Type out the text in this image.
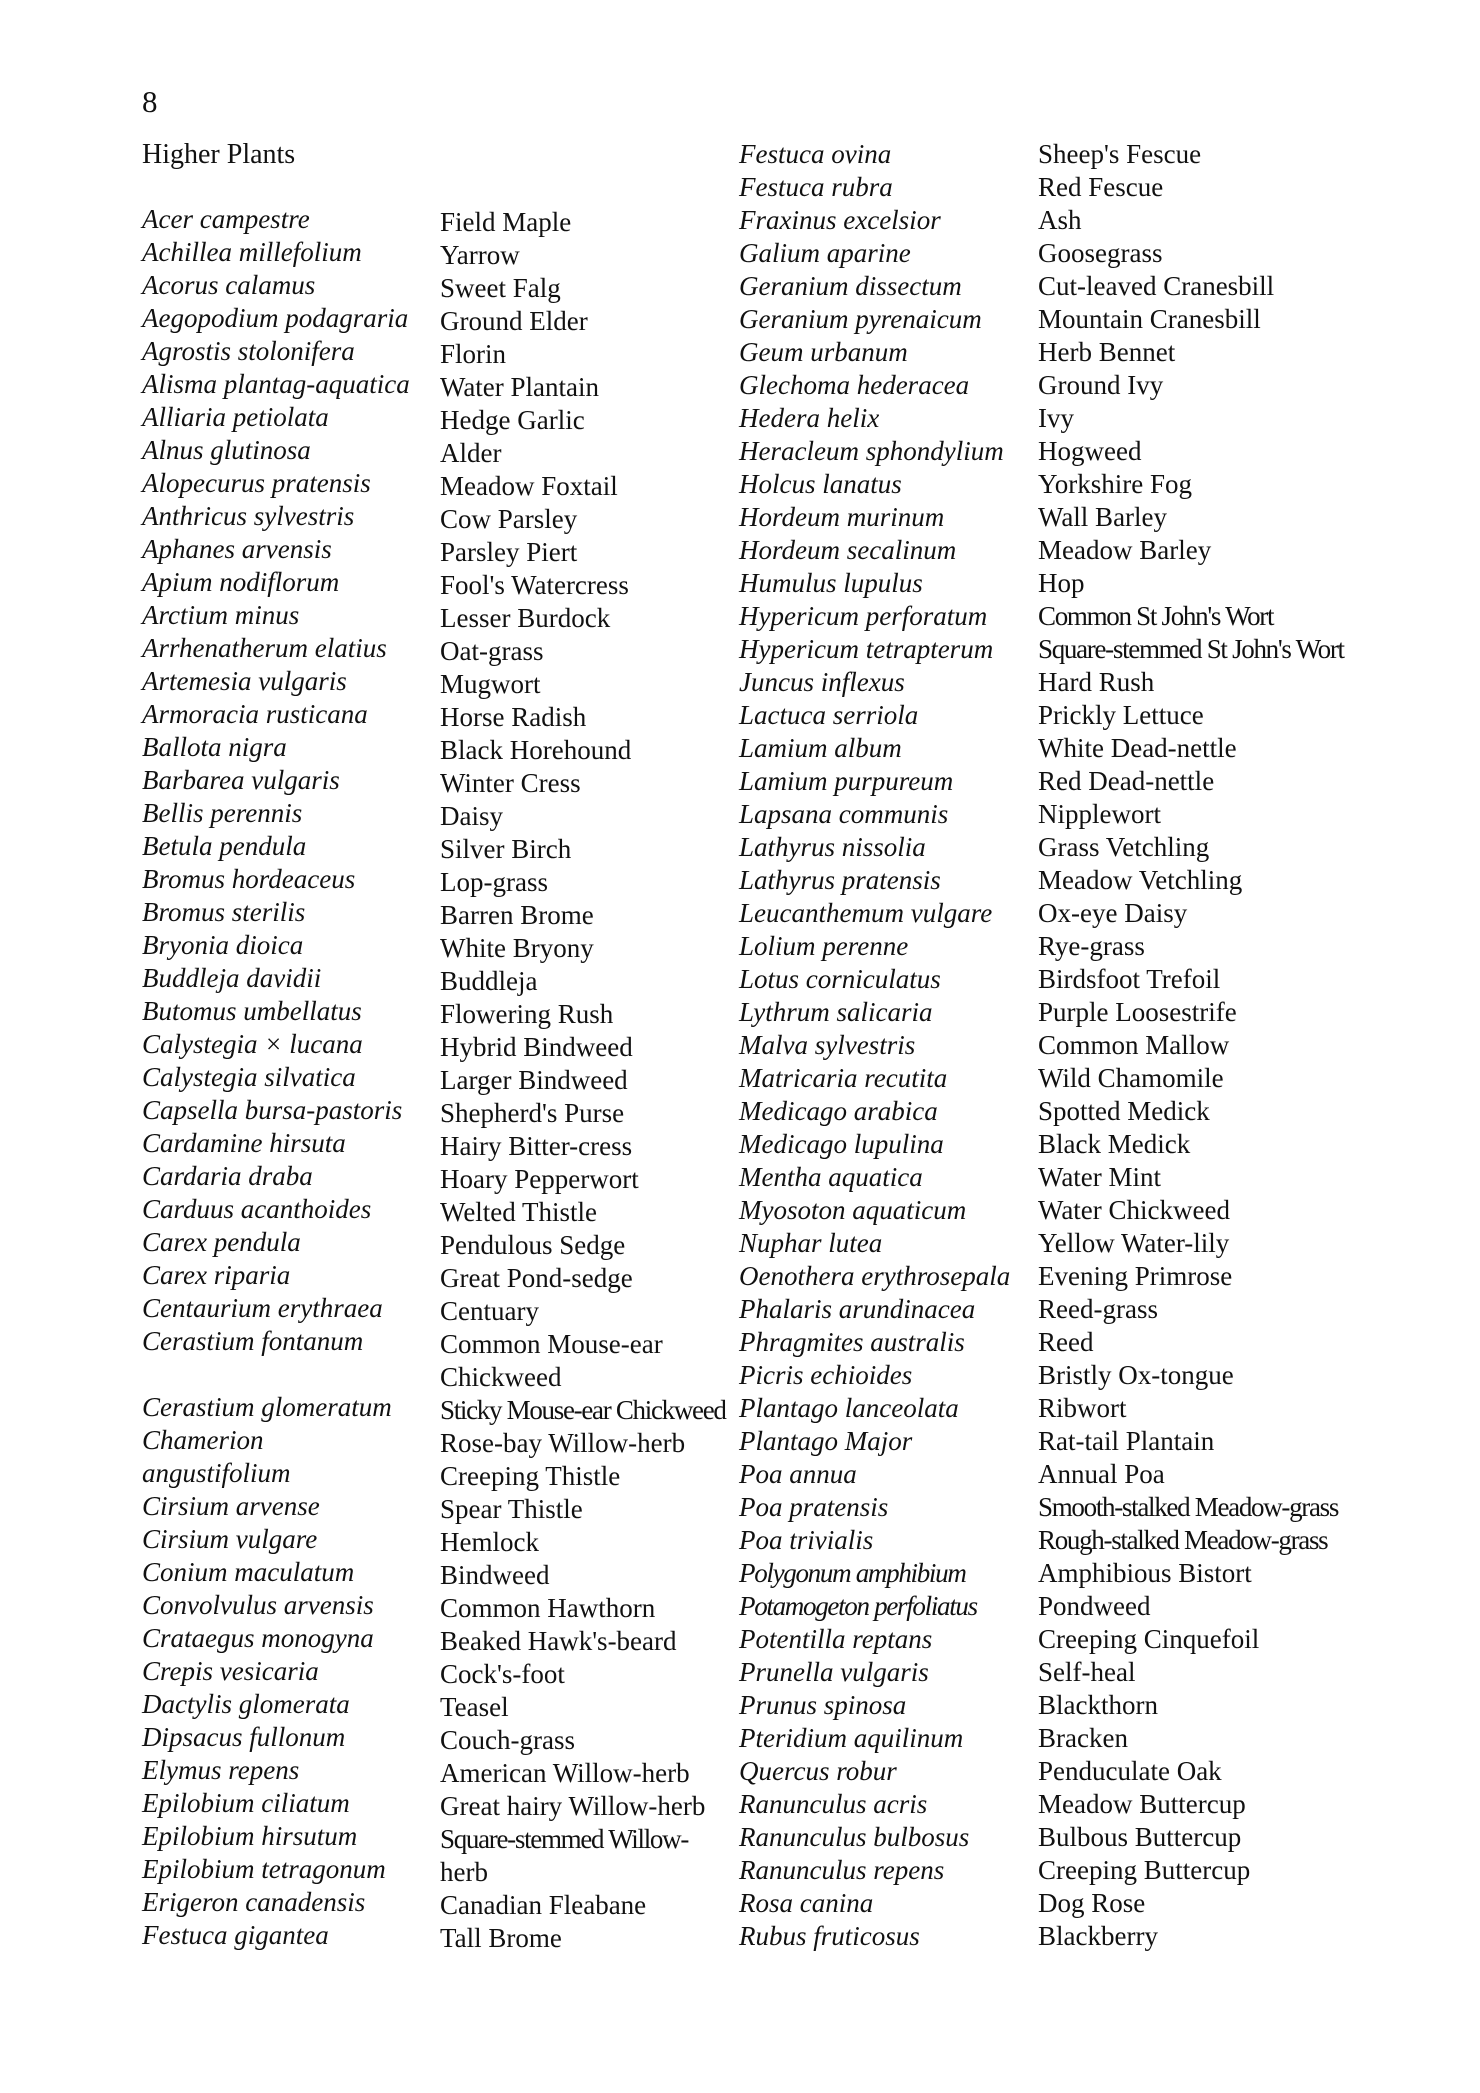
8
Higher Plants
Acer campestre
Achillea millefolium
Acorus calamus
Aegopodium podagraria
Agrostis stolonifera
Alisma plantag-aquatica
Alliaria petiolata
Alnus glutinosa
Alopecurus pratensis
Anthricus sylvestris
Aphanes arvensis
Apium nodiflorum
Arctium minus
Arrhenatherum elatius
Artemesia vulgaris
Armoracia rusticana
Ballota nigra
Barbarea vulgaris
Bellis perennis
Betula pendula
Bromus hordeaceus
Bromus sterilis
Bryonia dioica
Buddleja davidii
Butomus umbellatus
Calystegia × lucana
Calystegia silvatica
Capsella bursa-pastoris
Cardamine hirsuta
Cardaria draba
Carduus acanthoides
Carex pendula
Carex riparia
Centaurium erythraea
Cerastium fontanum

Cerastium glomeratum
Chamerion
angustifolium
Cirsium arvense
Cirsium vulgare
Conium maculatum
Convolvulus arvensis
Crataegus monogyna
Crepis vesicaria
Dactylis glomerata
Dipsacus fullonum
Elymus repens
Epilobium ciliatum
Epilobium hirsutum
Epilobium tetragonum
Erigeron canadensis
Festuca gigantea
Field Maple
Yarrow
Sweet Falg
Ground Elder
Florin
Water Plantain
Hedge Garlic
Alder
Meadow Foxtail
Cow Parsley
Parsley Piert
Fool's Watercress
Lesser Burdock
Oat-grass
Mugwort
Horse Radish
Black Horehound
Winter Cress
Daisy
Silver Birch
Lop-grass
Barren Brome
White Bryony
Buddleja
Flowering Rush
Hybrid Bindweed
Larger Bindweed
Shepherd's Purse
Hairy Bitter-cress
Hoary Pepperwort
Welted Thistle
Pendulous Sedge
Great Pond-sedge
Centuary
Common Mouse-ear
Chickweed
Sticky Mouse-ear Chickweed
Rose-bay Willow-herb
Creeping Thistle
Spear Thistle
Hemlock
Bindweed
Common Hawthorn
Beaked Hawk's-beard
Cock's-foot
Teasel
Couch-grass
American Willow-herb
Great hairy Willow-herb
Square-stemmed Willow-
herb
Canadian Fleabane
Tall Brome
Festuca ovina
Festuca rubra
Fraxinus excelsior
Galium aparine
Geranium dissectum
Geranium pyrenaicum
Geum urbanum
Glechoma hederacea
Hedera helix
Heracleum sphondylium
Holcus lanatus
Hordeum murinum
Hordeum secalinum
Humulus lupulus
Hypericum perforatum
Hypericum tetrapterum
Juncus inflexus
Lactuca serriola
Lamium album
Lamium purpureum
Lapsana communis
Lathyrus nissolia
Lathyrus pratensis
Leucanthemum vulgare
Lolium perenne
Lotus corniculatus
Lythrum salicaria
Malva sylvestris
Matricaria recutita
Medicago arabica
Medicago lupulina
Mentha aquatica
Myosoton aquaticum
Nuphar lutea
Oenothera erythrosepala
Phalaris arundinacea
Phragmites australis
Picris echioides
Plantago lanceolata
Plantago Major
Poa annua
Poa pratensis
Poa trivialis
Polygonum amphibium
Potamogeton perfoliatus
Potentilla reptans
Prunella vulgaris
Prunus spinosa
Pteridium aquilinum
Quercus robur
Ranunculus acris
Ranunculus bulbosus
Ranunculus repens
Rosa canina
Rubus fruticosus
Sheep's Fescue
Red Fescue
Ash
Goosegrass
Cut-leaved Cranesbill
Mountain Cranesbill
Herb Bennet
Ground Ivy
Ivy
Hogweed
Yorkshire Fog
Wall Barley
Meadow Barley
Hop
Common St John's Wort
Square-stemmed St John's Wort
Hard Rush
Prickly Lettuce
White Dead-nettle
Red Dead-nettle
Nipplewort
Grass Vetchling
Meadow Vetchling
Ox-eye Daisy
Rye-grass
Birdsfoot Trefoil
Purple Loosestrife
Common Mallow
Wild Chamomile
Spotted Medick
Black Medick
Water Mint
Water Chickweed
Yellow Water-lily
Evening Primrose
Reed-grass
Reed
Bristly Ox-tongue
Ribwort
Rat-tail Plantain
Annual Poa
Smooth-stalked Meadow-grass
Rough-stalked Meadow-grass
Amphibious Bistort
Pondweed
Creeping Cinquefoil
Self-heal
Blackthorn
Bracken
Penduculate Oak
Meadow Buttercup
Bulbous Buttercup
Creeping Buttercup
Dog Rose
Blackberry
